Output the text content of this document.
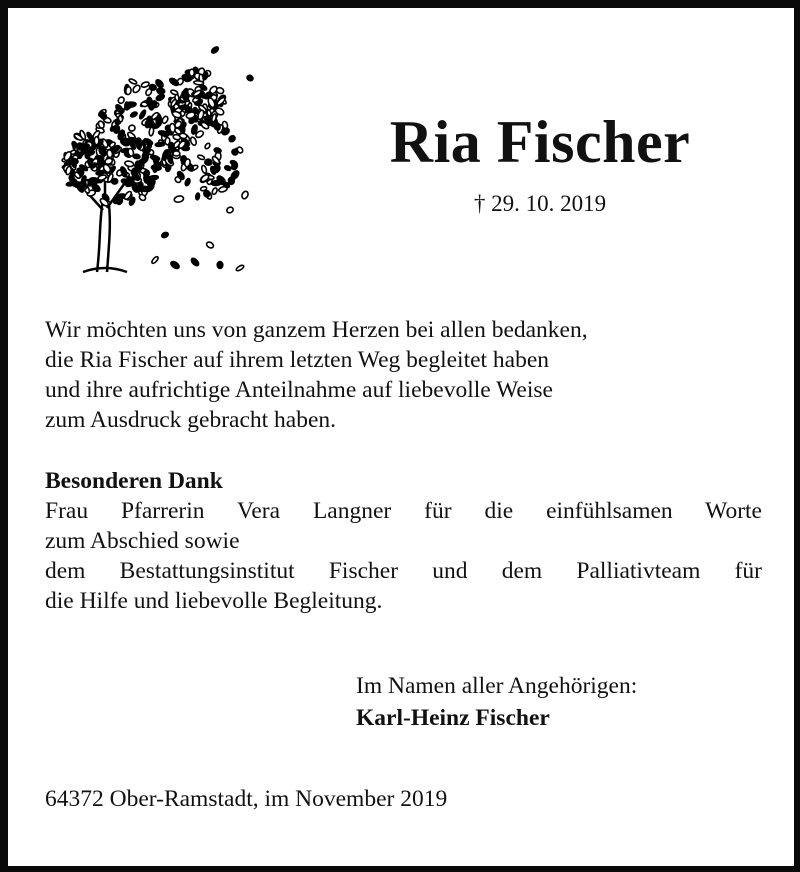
Ria Fischer
† 29. 10. 2019
Wir möchten uns von ganzem Herzen bei allen bedanken,
die Ria Fischer auf ihrem letzten Weg begleitet haben
und ihre aufrichtige Anteilnahme auf liebevolle Weise
zum Ausdruck gebracht haben.
Besonderen Dank
Frau Pfarrerin Vera Langner für die einfühlsamen Worte
zum Abschied sowie
dem Bestattungsinstitut Fischer und dem Palliativteam für
die Hilfe und liebevolle Begleitung.
Im Namen aller Angehörigen:
Karl-Heinz Fischer
64372 Ober-Ramstadt, im November 2019
